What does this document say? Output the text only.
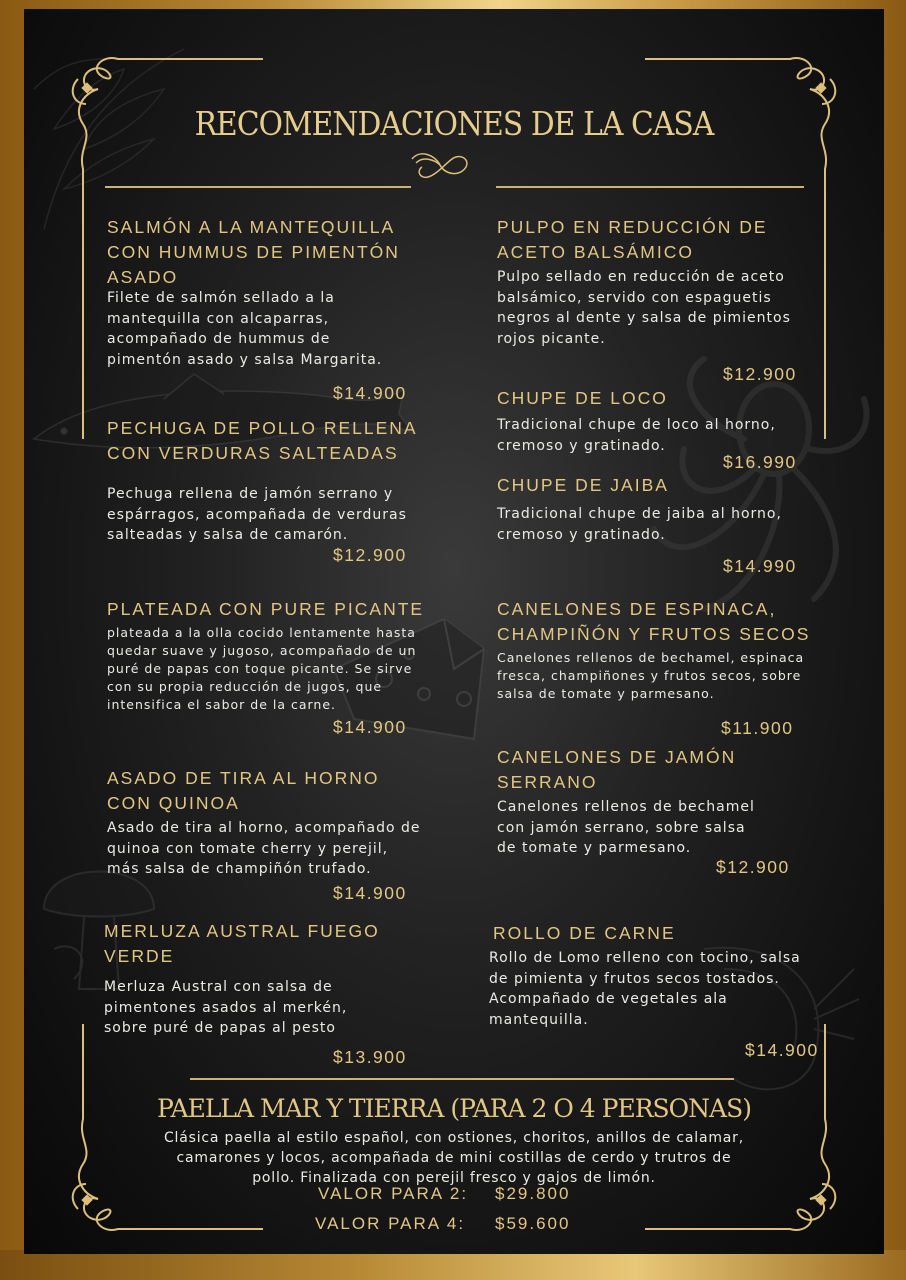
RECOMENDACIONES DE LA CASA
SALMÓN A LA MANTEQUILLA CON HUMMUS DE PIMENTÓN ASADO
Filete de salmón sellado a la mantequilla con alcaparras, acompañado de hummus de pimentón asado y salsa Margarita.
$14.900
PECHUGA DE POLLO RELLENA CON VERDURAS SALTEADAS
Pechuga rellena de jamón serrano y espárragos, acompañada de verduras salteadas y salsa de camarón.
$12.900
PLATEADA CON PURE PICANTE
plateada a la olla cocido lentamente hasta quedar suave y jugoso, acompañado de un puré de papas con toque picante. Se sirve con su propia reducción de jugos, que intensifica el sabor de la carne.
$14.900
ASADO DE TIRA AL HORNO CON QUINOA
Asado de tira al horno, acompañado de quinoa con tomate cherry y perejil, más salsa de champiñón trufado.
$14.900
MERLUZA AUSTRAL FUEGO VERDE
Merluza Austral con salsa de pimentones asados al merkén, sobre puré de papas al pesto
$13.900
PULPO EN REDUCCIÓN DE ACETO BALSÁMICO
Pulpo sellado en reducción de aceto balsámico, servido con espaguetis negros al dente y salsa de pimientos rojos picante.
$12.900
CHUPE DE LOCO
Tradicional chupe de loco al horno, cremoso y gratinado.
$16.990
CHUPE DE JAIBA
Tradicional chupe de jaiba al horno, cremoso y gratinado.
$14.990
CANELONES DE ESPINACA, CHAMPIÑÓN Y FRUTOS SECOS
Canelones rellenos de bechamel, espinaca fresca, champiñones y frutos secos, sobre salsa de tomate y parmesano.
$11.900
CANELONES DE JAMÓN SERRANO
Canelones rellenos de bechamel con jamón serrano, sobre salsa de tomate y parmesano.
$12.900
ROLLO DE CARNE
Rollo de Lomo relleno con tocino, salsa de pimienta y frutos secos tostados. Acompañado de vegetales ala mantequilla.
$14.900
PAELLA MAR Y TIERRA (PARA 2 O 4 PERSONAS)
Clásica paella al estilo español, con ostiones, choritos, anillos de calamar, camarones y locos, acompañada de mini costillas de cerdo y trutros de pollo. Finalizada con perejil fresco y gajos de limón.
VALOR PARA 2: $29.800
VALOR PARA 4: $59.600
